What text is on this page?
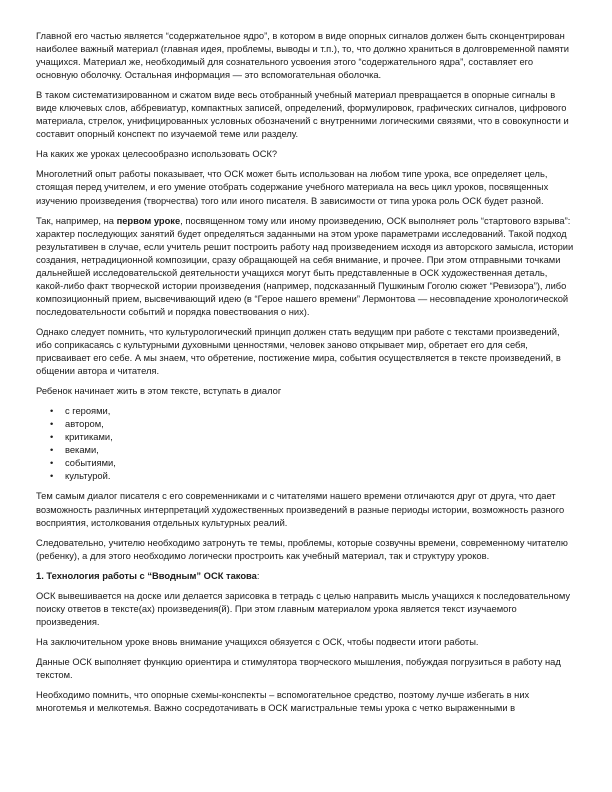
Главной его частью является “содержательное ядро”, в котором в виде опорных сигналов должен быть сконцентрирован наиболее важный материал (главная идея, проблемы, выводы и т.п.), то, что должно храниться в долговременной памяти учащихся. Материал же, необходимый для сознательного усвоения этого “содержательного ядра”, составляет его основную оболочку. Остальная информация — это вспомогательная оболочка.

В таком систематизированном и сжатом виде весь отобранный учебный материал превращается в опорные сигналы в виде ключевых слов, аббревиатур, компактных записей, определений, формулировок, графических сигналов, цифрового материала, стрелок, унифицированных условных обозначений с внутренними логическими связями, что в совокупности и составит опорный конспект по изучаемой теме или разделу.

На каких же уроках целесообразно использовать ОСК?

Многолетний опыт работы показывает, что ОСК может быть использован на любом типе урока, все определяет цель, стоящая перед учителем, и его умение отобрать содержание учебного материала на весь цикл уроков, посвященных изучению произведения (творчества) того или иного писателя. В зависимости от типа урока роль ОСК будет разной.

Так, например, на первом уроке, посвященном тому или иному произведению, ОСК выполняет роль “стартового взрыва”: характер последующих занятий будет определяться заданными на этом уроке параметрами исследований. Такой подход результативен в случае, если учитель решит построить работу над произведением исходя из авторского замысла, истории создания, нетрадиционной композиции, сразу обращающей на себя внимание, и прочее. При этом отправными точками дальнейшей исследовательской деятельности учащихся могут быть представленные в ОСК художественная деталь, какой-либо факт творческой истории произведения (например, подсказанный Пушкиным Гоголю сюжет “Ревизора”), либо композиционный прием, высвечивающий идею (в “Герое нашего времени” Лермонтова — несовпадение хронологической последовательности событий и порядка повествования о них).

Однако следует помнить, что культурологический принцип должен стать ведущим при работе с текстами произведений, ибо соприкасаясь с культурными духовными ценностями, человек заново открывает мир, обретает его для себя, присваивает его себе. А мы знаем, что обретение, постижение мира, события осуществляется в тексте произведений, в общении автора и читателя.

Ребенок начинает жить в этом тексте, вступать в диалог

• с героями,
• автором,
• критиками,
• веками,
• событиями,
• культурой.

Тем самым диалог писателя с его современниками и с читателями нашего времени отличаются друг от друга, что дает возможность различных интерпретаций художественных произведений в разные периоды истории, возможность разного восприятия, истолкования отдельных культурных реалий.

Следовательно, учителю необходимо затронуть те темы, проблемы, которые созвучны времени, современному читателю (ребенку), а для этого необходимо логически простроить как учебный материал, так и структуру уроков.

1. Технология работы с “Вводным” ОСК такова:

ОСК вывешивается на доске или делается зарисовка в тетрадь с целью направить мысль учащихся к последовательному поиску ответов в тексте(ах) произведения(й). При этом главным материалом урока является текст изучаемого произведения.

На заключительном уроке вновь внимание учащихся обязуется с ОСК, чтобы подвести итоги работы.

Данные ОСК выполняет функцию ориентира и стимулятора творческого мышления, побуждая погрузиться в работу над текстом.

Необходимо помнить, что опорные схемы-конспекты – вспомогательное средство, поэтому лучше избегать в них многотемья и мелкотемья. Важно сосредотачивать в ОСК магистральные темы урока с четко выраженными в
